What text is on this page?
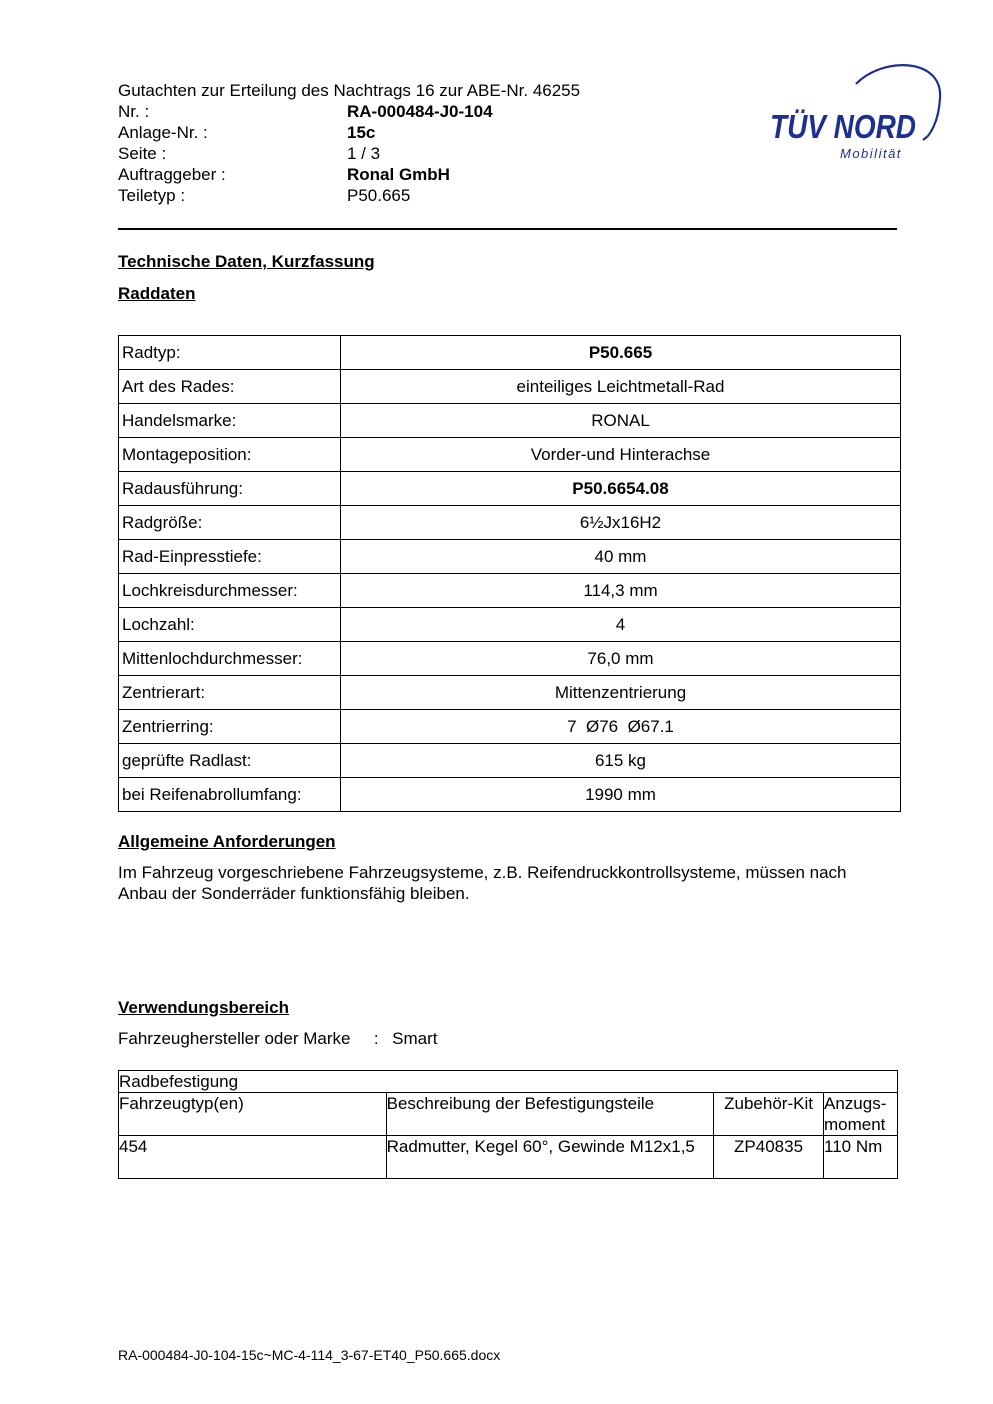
Gutachten zur Erteilung des Nachtrags 16 zur ABE-Nr. 46255
Nr. :	RA-000484-J0-104
Anlage-Nr. :	15c
Seite :	1 / 3
Auftraggeber :	Ronal GmbH
Teiletyp :	P50.665
TÜV NORD
Mobilität
Technische Daten, Kurzfassung
Raddaten
Radtyp:	P50.665
Art des Rades:	einteiliges Leichtmetall-Rad
Handelsmarke:	RONAL
Montageposition:	Vorder-und Hinterachse
Radausführung:	P50.6654.08
Radgröße:	6½Jx16H2
Rad-Einpresstiefe:	40 mm
Lochkreisdurchmesser:	114,3 mm
Lochzahl:	4
Mittenlochdurchmesser:	76,0 mm
Zentrierart:	Mittenzentrierung
Zentrierring:	7  Ø76  Ø67.1
geprüfte Radlast:	615 kg
bei Reifenabrollumfang:	1990 mm
Allgemeine Anforderungen
Im Fahrzeug vorgeschriebene Fahrzeugsysteme, z.B. Reifendruckkontrollsysteme, müssen nach Anbau der Sonderräder funktionsfähig bleiben.
Verwendungsbereich
Fahrzeughersteller oder Marke : Smart
Radbefestigung			
Fahrzeugtyp(en)	Beschreibung der Befestigungsteile	Zubehör-Kit	Anzugs-
moment
454	Radmutter, Kegel 60°, Gewinde M12x1,5	ZP40835	110 Nm
RA-000484-J0-104-15c~MC-4-114_3-67-ET40_P50.665.docx
